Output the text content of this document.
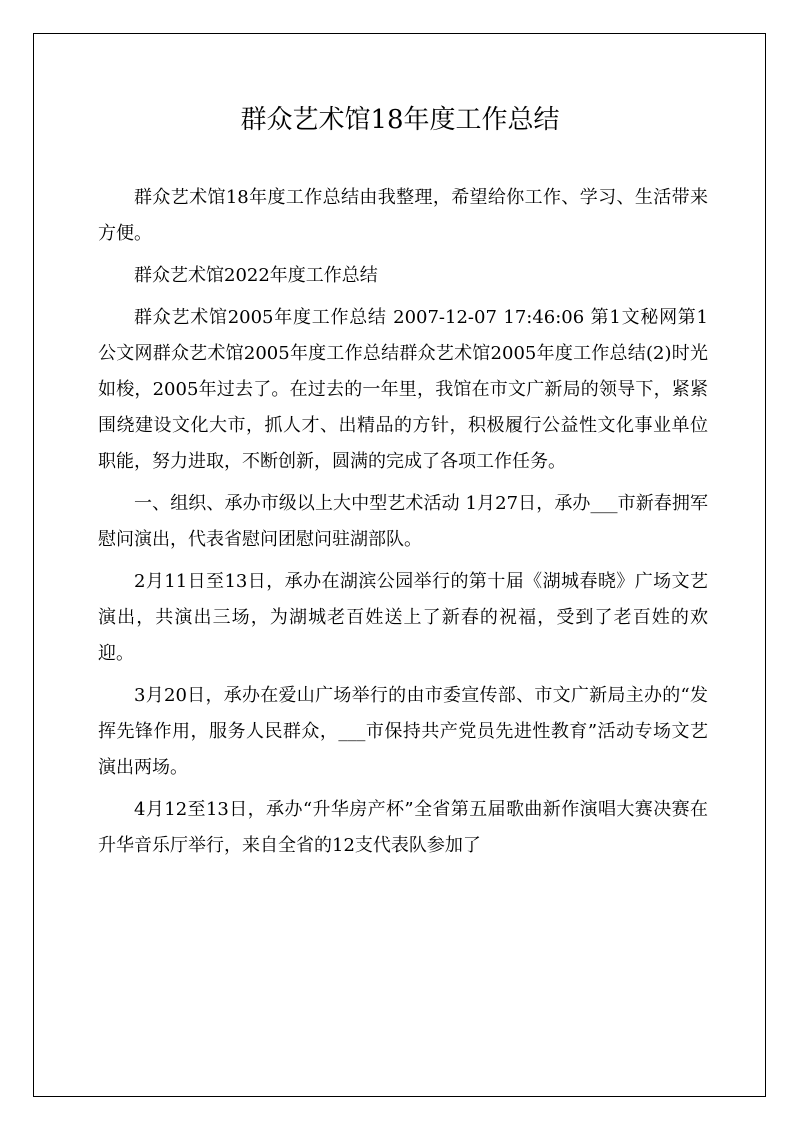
群众艺术馆18年度工作总结

群众艺术馆18年度工作总结由我整理，希望给你工作、学习、生活带来方便。

群众艺术馆2022年度工作总结

群众艺术馆2005年度工作总结 2007-12-07 17:46:06 第1文秘网第1公文网群众艺术馆2005年度工作总结群众艺术馆2005年度工作总结(2)时光如梭，2005年过去了。在过去的一年里，我馆在市文广新局的领导下，紧紧围绕建设文化大市，抓人才、出精品的方针，积极履行公益性文化事业单位职能，努力进取，不断创新，圆满的完成了各项工作任务。

一、组织、承办市级以上大中型艺术活动 1月27日，承办___市新春拥军慰问演出，代表省慰问团慰问驻湖部队。

2月11日至13日，承办在湖滨公园举行的第十届《湖城春晓》广场文艺演出，共演出三场，为湖城老百姓送上了新春的祝福，受到了老百姓的欢迎。

3月20日，承办在爱山广场举行的由市委宣传部、市文广新局主办的“发挥先锋作用，服务人民群众，___市保持共产党员先进性教育”活动专场文艺演出两场。

4月12至13日，承办“升华房产杯”全省第五届歌曲新作演唱大赛决赛在升华音乐厅举行，来自全省的12支代表队参加了
